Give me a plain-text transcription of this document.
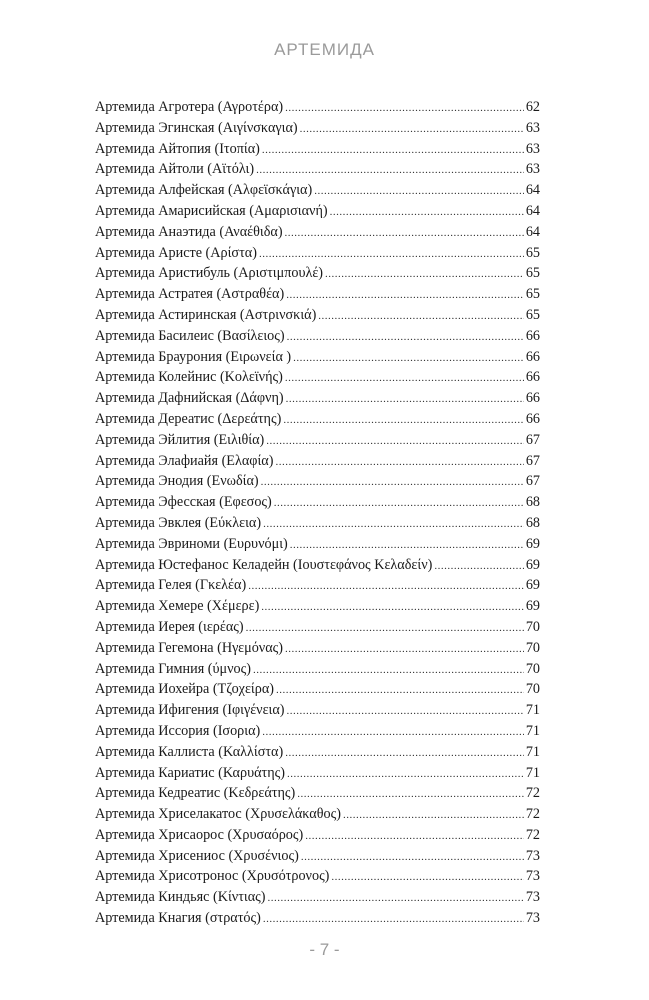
АРТЕМИДА
Артемида Агротера (Αγροτέρα) .....	62
Артемида Эгинская (Αιγίνσκαγια) .....	63
Артемида Айтопия (Ιτοπία) .....	63
Артемида Айтоли (Αϊτόλι) .....	63
Артемида Алфейская (Αλφεϊσκάγια) .....	64
Артемида Амарисийская (Αμαρισιανή) .....	64
Артемида Анаэтида (Αναέθιδα) .....	64
Артемида Аристе (Αρίστα) .....	65
Артемида Аристибуль (Αριστιμπουλέ) .....	65
Артемида Астратея (Αστραθέα) .....	65
Артемида Астиринская (Αστρινσκιά) .....	65
Артемида Басилеис (Βασίλειος) .....	66
Артемида Брауpония (Ειρωνεία ) .....	66
Артемида Колейнис (Κολεϊνής) .....	66
Артемида Дафнийская (Δάφνη) .....	66
Артемида Дереатис (Δερεάτης) .....	66
Артемида Эйлития (Ειλιθία) .....	67
Артемида Элафиайя (Ελαφία) .....	67
Артемида Энодия (Ενωδία) .....	67
Артемида Эфесская (Εφεσος) .....	68
Артемида Эвклея (Εύκλεια) .....	68
Артемида Эвриноми (Ευρυνόμι) .....	69
Артемида Юстефанос Келадейн (Ιουστεφάνος Κελαδείν) .....	69
Артемида Гелея (Γκελέα) .....	69
Артемида Хемере (Χέμερε) .....	69
Артемида Иерея (ιερέας) .....	70
Артемида Гегемона (Ηγεμόνας) .....	70
Артемида Гимния (ύμνος) .....	70
Артемида Иохейра (Τζοχείρα) .....	70
Артемида Ифигения (Ιφιγένεια) .....	71
Артемида Иссория (Ισορια) .....	71
Артемида Каллиста (Καλλίστα) .....	71
Артемида Кариатис (Καρυάτης) .....	71
Артемида Кедреатис (Κεδρεάτης) .....	72
Артемида Хриселакатос (Χρυσελάκαθος) .....	72
Артемида Хрисаорос (Χρυσαόρος) .....	72
Артемида Хрисениос (Χρυσένιος) .....	73
Артемида Хрисотронос (Χρυσότρονος) .....	73
Артемида Киндьяс (Κίντιας) .....	73
Артемида Кнагия (στρατός) .....	73
- 7 -
